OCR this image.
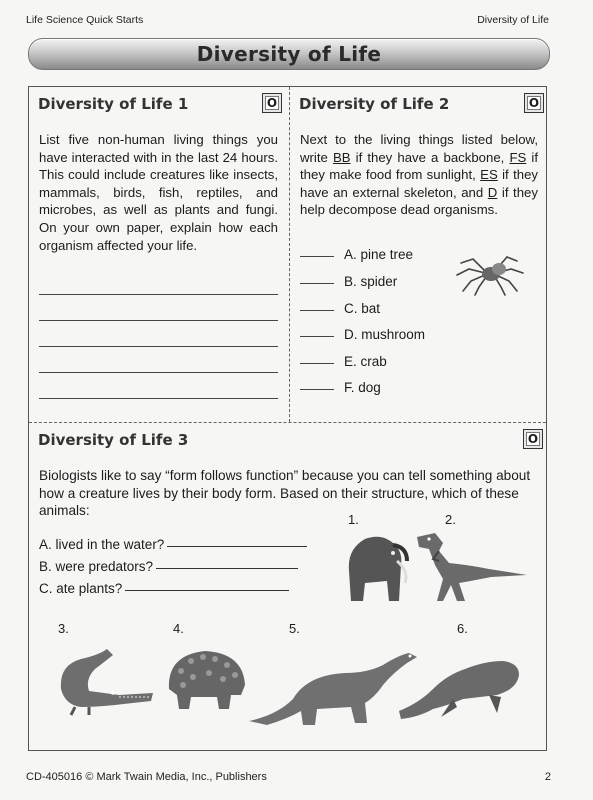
Life Science Quick Starts	Diversity of Life
Diversity of Life
Diversity of Life 1	O
List five non-human living things you have interacted with in the last 24 hours. This could include creatures like insects, mammals, birds, fish, reptiles, and microbes, as well as plants and fungi. On your own paper, explain how each organism affected your life.
Diversity of Life 2	O
Next to the living things listed below, write BB if they have a backbone, FS if they make food from sunlight, ES if they have an external skeleton, and D if they help decompose dead organisms.
A. pine tree
B. spider
C. bat
D. mushroom
E. crab
F. dog
Diversity of Life 3	O
Biologists like to say “form follows function” because you can tell something about how a creature lives by their body form. Based on their structure, which of these animals:
A. lived in the water?
B. were predators?
C. ate plants?
1.	2.
3.	4.	5.	6.
CD-405016 © Mark Twain Media, Inc., Publishers	2
